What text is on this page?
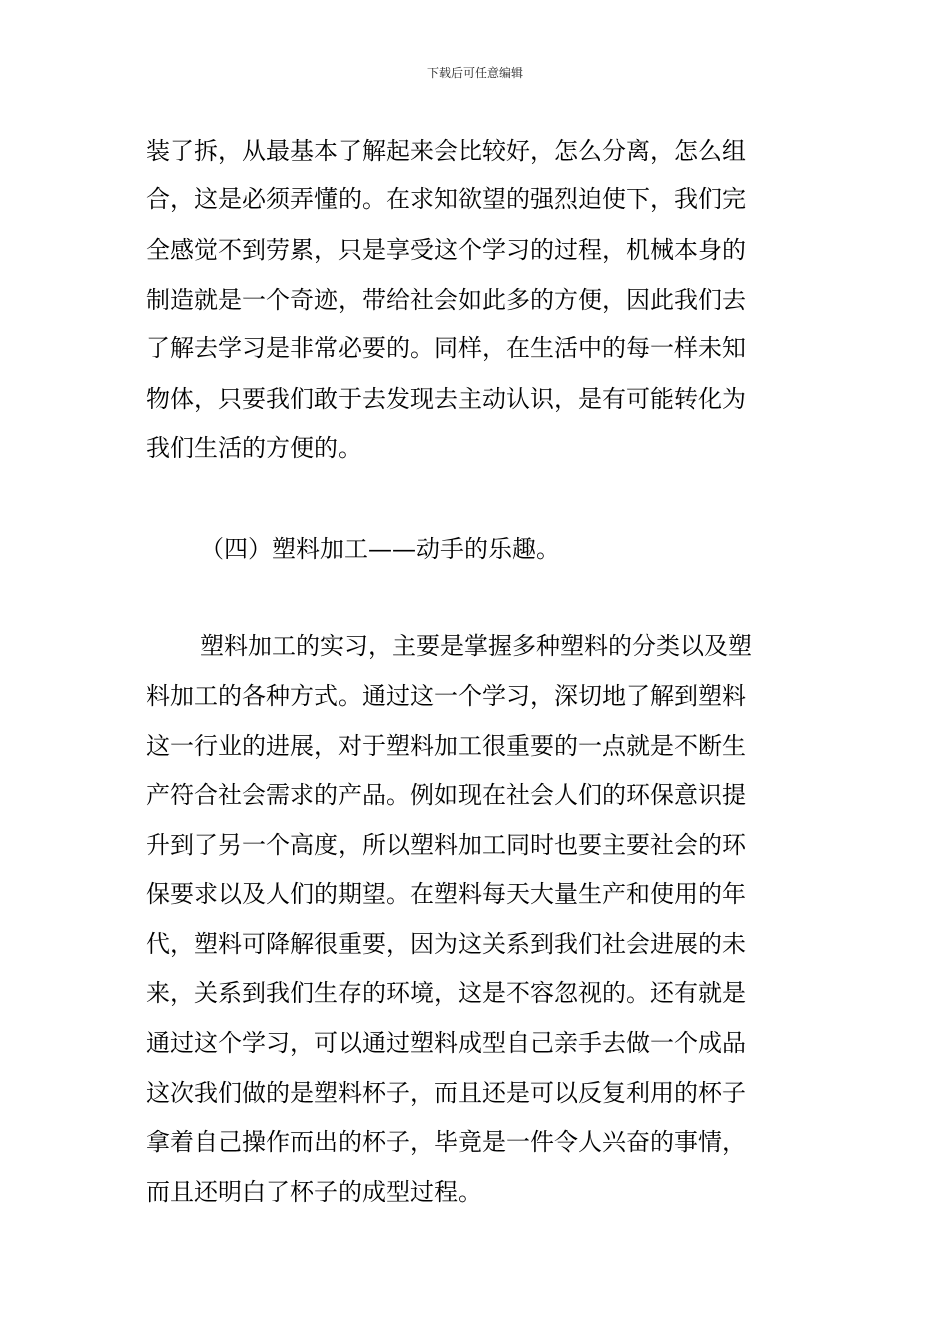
下载后可任意编辑
装了拆，从最基本了解起来会比较好，怎么分离，怎么组
合，这是必须弄懂的。在求知欲望的强烈迫使下，我们完
全感觉不到劳累，只是享受这个学习的过程，机械本身的
制造就是一个奇迹，带给社会如此多的方便，因此我们去
了解去学习是非常必要的。同样，在生活中的每一样未知
物体，只要我们敢于去发现去主动认识，是有可能转化为
我们生活的方便的。
（四）塑料加工——动手的乐趣。
塑料加工的实习，主要是掌握多种塑料的分类以及塑
料加工的各种方式。通过这一个学习，深切地了解到塑料
这一行业的进展，对于塑料加工很重要的一点就是不断生
产符合社会需求的产品。例如现在社会人们的环保意识提
升到了另一个高度，所以塑料加工同时也要主要社会的环
保要求以及人们的期望。在塑料每天大量生产和使用的年
代，塑料可降解很重要，因为这关系到我们社会进展的未
来，关系到我们生存的环境，这是不容忽视的。还有就是
通过这个学习，可以通过塑料成型自己亲手去做一个成品
这次我们做的是塑料杯子，而且还是可以反复利用的杯子
拿着自己操作而出的杯子，毕竟是一件令人兴奋的事情，
而且还明白了杯子的成型过程。
